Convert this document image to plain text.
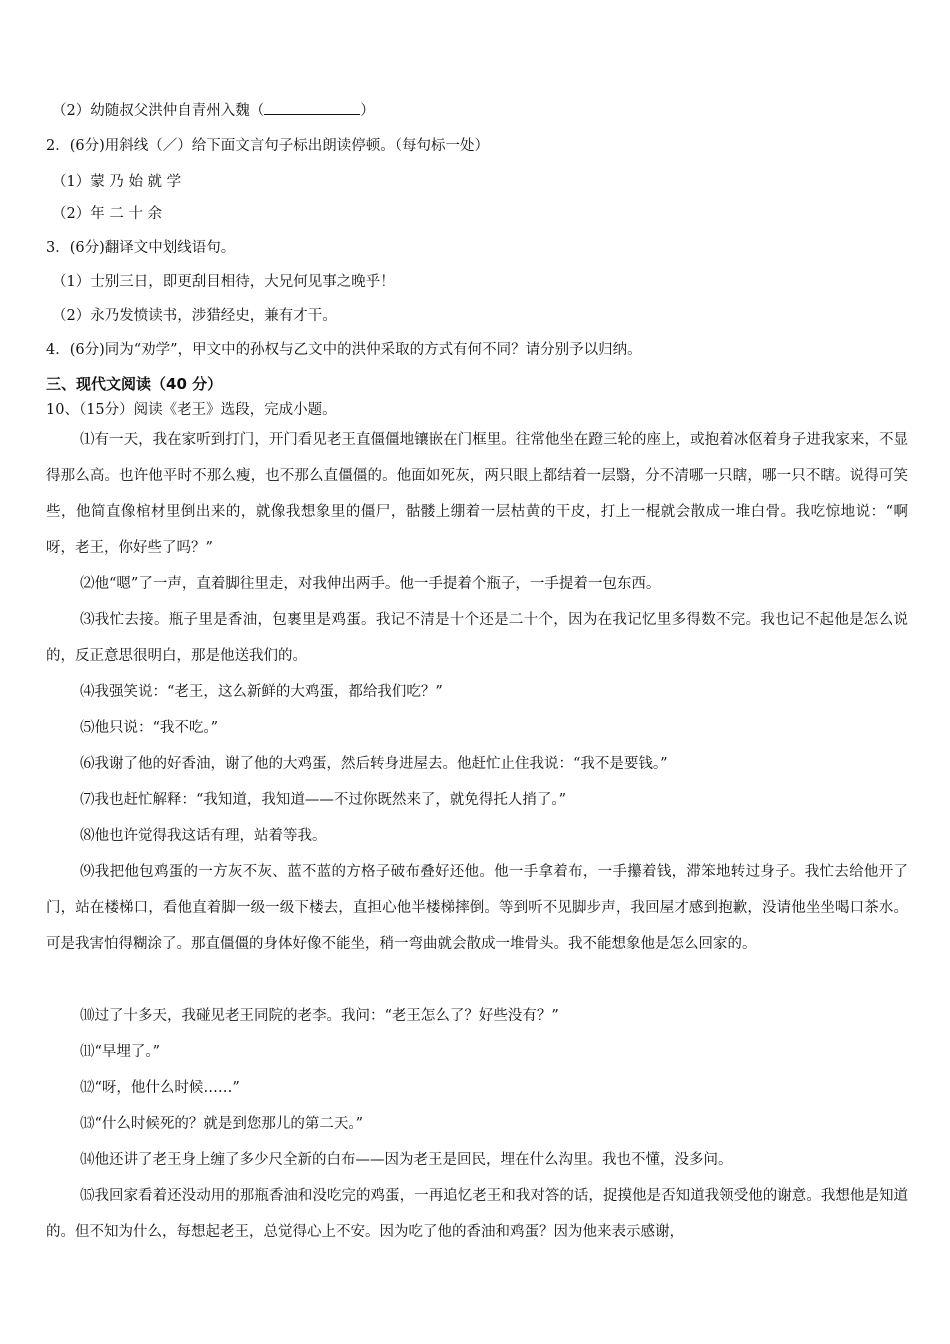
（2）幼随叔父洪仲自青州入魏（	）
2．(6分)用斜线（／）给下面文言句子标出朗读停顿。（每句标一处）
（1）蒙 乃 始 就 学
（2）年 二 十 余
3．(6分)翻译文中划线语句。
（1）士别三日，即更刮目相待，大兄何见事之晚乎！
（2）永乃发愤读书，涉猎经史，兼有才干。
4．(6分)同为“劝学”，甲文中的孙权与乙文中的洪仲采取的方式有何不同？请分别予以归纳。
三、现代文阅读（40 分）
10、（15分）阅读《老王》选段，完成小题。
⑴有一天，我在家听到打门，开门看见老王直僵僵地镶嵌在门框里。往常他坐在蹬三轮的座上，或抱着冰伛着身子进我家来，不显得那么高。也许他平时不那么瘦，也不那么直僵僵的。他面如死灰，两只眼上都结着一层翳，分不清哪一只瞎，哪一只不瞎。说得可笑些，他简直像棺材里倒出来的，就像我想象里的僵尸，骷髅上绷着一层枯黄的干皮，打上一棍就会散成一堆白骨。我吃惊地说：“啊呀，老王，你好些了吗？”
⑵他“嗯”了一声，直着脚往里走，对我伸出两手。他一手提着个瓶子，一手提着一包东西。
⑶我忙去接。瓶子里是香油，包裹里是鸡蛋。我记不清是十个还是二十个，因为在我记忆里多得数不完。我也记不起他是怎么说的，反正意思很明白，那是他送我们的。
⑷我强笑说：“老王，这么新鲜的大鸡蛋，都给我们吃？”
⑸他只说：“我不吃。”
⑹我谢了他的好香油，谢了他的大鸡蛋，然后转身进屋去。他赶忙止住我说：“我不是要钱。”
⑺我也赶忙解释：“我知道，我知道——不过你既然来了，就免得托人捎了。”
⑻他也许觉得我这话有理，站着等我。
⑼我把他包鸡蛋的一方灰不灰、蓝不蓝的方格子破布叠好还他。他一手拿着布，一手攥着钱，滞笨地转过身子。我忙去给他开了门，站在楼梯口，看他直着脚一级一级下楼去，直担心他半楼梯摔倒。等到听不见脚步声，我回屋才感到抱歉，没请他坐坐喝口茶水。可是我害怕得糊涂了。那直僵僵的身体好像不能坐，稍一弯曲就会散成一堆骨头。我不能想象他是怎么回家的。
⑽过了十多天，我碰见老王同院的老李。我问：“老王怎么了？好些没有？”
⑾“早埋了。”
⑿“呀，他什么时候……”
⒀“什么时候死的？就是到您那儿的第二天。”
⒁他还讲了老王身上缠了多少尺全新的白布——因为老王是回民，埋在什么沟里。我也不懂，没多问。
⒂我回家看着还没动用的那瓶香油和没吃完的鸡蛋，一再追忆老王和我对答的话，捉摸他是否知道我领受他的谢意。我想他是知道的。但不知为什么，每想起老王，总觉得心上不安。因为吃了他的香油和鸡蛋？因为他来表示感谢，
